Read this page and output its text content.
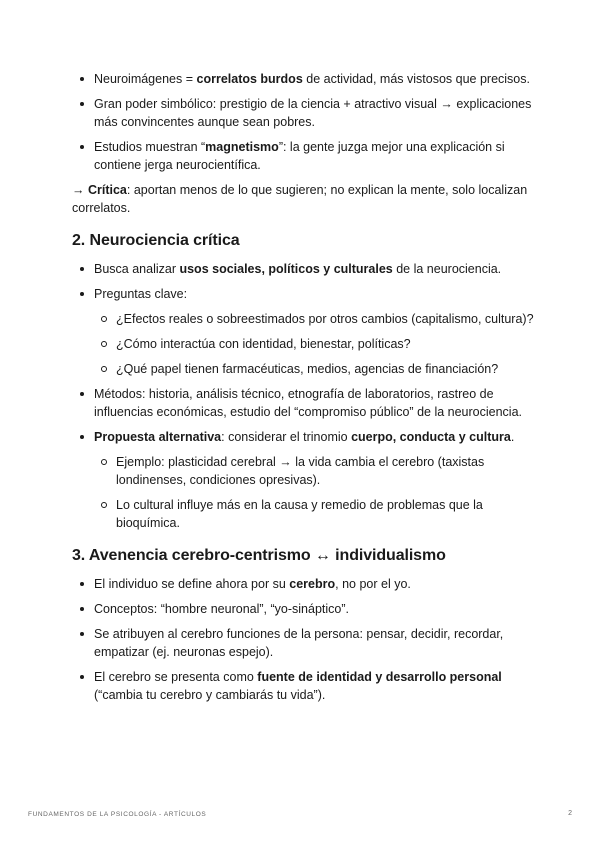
Neuroimágenes = correlatos burdos de actividad, más vistosos que precisos.
Gran poder simbólico: prestigio de la ciencia + atractivo visual → explicaciones más convincentes aunque sean pobres.
Estudios muestran “magnetismo”: la gente juzga mejor una explicación si contiene jerga neurocientífica.

→ Crítica: aportan menos de lo que sugieren; no explican la mente, solo localizan correlatos.

2. Neurociencia crítica
Busca analizar usos sociales, políticos y culturales de la neurociencia.
Preguntas clave:
¿Efectos reales o sobreestimados por otros cambios (capitalismo, cultura)?
¿Cómo interactúa con identidad, bienestar, políticas?
¿Qué papel tienen farmacéuticas, medios, agencias de financiación?
Métodos: historia, análisis técnico, etnografía de laboratorios, rastreo de influencias económicas, estudio del “compromiso público” de la neurociencia.
Propuesta alternativa: considerar el trinomio cuerpo, conducta y cultura.
Ejemplo: plasticidad cerebral → la vida cambia el cerebro (taxistas londinenses, condiciones opresivas).
Lo cultural influye más en la causa y remedio de problemas que la bioquímica.
3. Avenencia cerebro-centrismo ↔ individualismo
El individuo se define ahora por su cerebro, no por el yo.
Conceptos: “hombre neuronal”, “yo-sináptico”.
Se atribuyen al cerebro funciones de la persona: pensar, decidir, recordar, empatizar (ej. neuronas espejo).
El cerebro se presenta como fuente de identidad y desarrollo personal (“cambia tu cerebro y cambiarás tu vida”).
FUNDAMENTOS DE LA PSICOLOGÍA - ARTÍCULOS	2
